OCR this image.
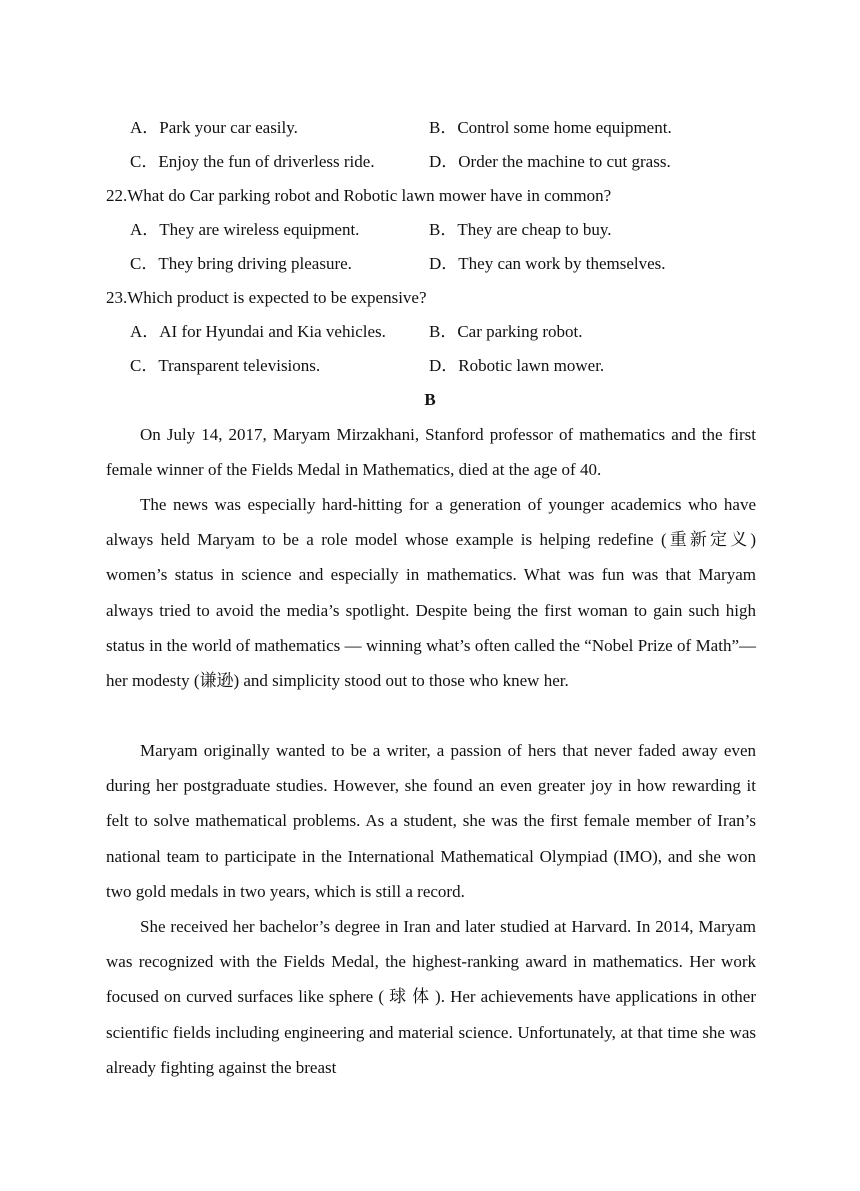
A．Park your car easily.	B．Control some home equipment.
C．Enjoy the fun of driverless ride.	D．Order the machine to cut grass.
22.What do Car parking robot and Robotic lawn mower have in common?
A．They are wireless equipment.	B．They are cheap to buy.
C．They bring driving pleasure.	D．They can work by themselves.
23.Which product is expected to be expensive?
A．AI for Hyundai and Kia vehicles.	B．Car parking robot.
C．Transparent televisions.	D．Robotic lawn mower.
B

On July 14, 2017, Maryam Mirzakhani, Stanford professor of mathematics and the first female winner of the Fields Medal in Mathematics, died at the age of 40.

The news was especially hard-hitting for a generation of younger academics who have always held Maryam to be a role model whose example is helping redefine (重新定义) women’s status in science and especially in mathematics. What was fun was that Maryam always tried to avoid the media’s spotlight. Despite being the first woman to gain such high status in the world of mathematics — winning what’s often called the “Nobel Prize of Math”— her modesty (谦逊) and simplicity stood out to those who knew her.

Maryam originally wanted to be a writer, a passion of hers that never faded away even during her postgraduate studies. However, she found an even greater joy in how rewarding it felt to solve mathematical problems. As a student, she was the first female member of Iran’s national team to participate in the International Mathematical Olympiad (IMO), and she won two gold medals in two years, which is still a record.

She received her bachelor’s degree in Iran and later studied at Harvard. In 2014, Maryam was recognized with the Fields Medal, the highest-ranking award in mathematics. Her work focused on curved surfaces like sphere ( 球 体 ). Her achievements have applications in other scientific fields including engineering and material science. Unfortunately, at that time she was already fighting against the breast
